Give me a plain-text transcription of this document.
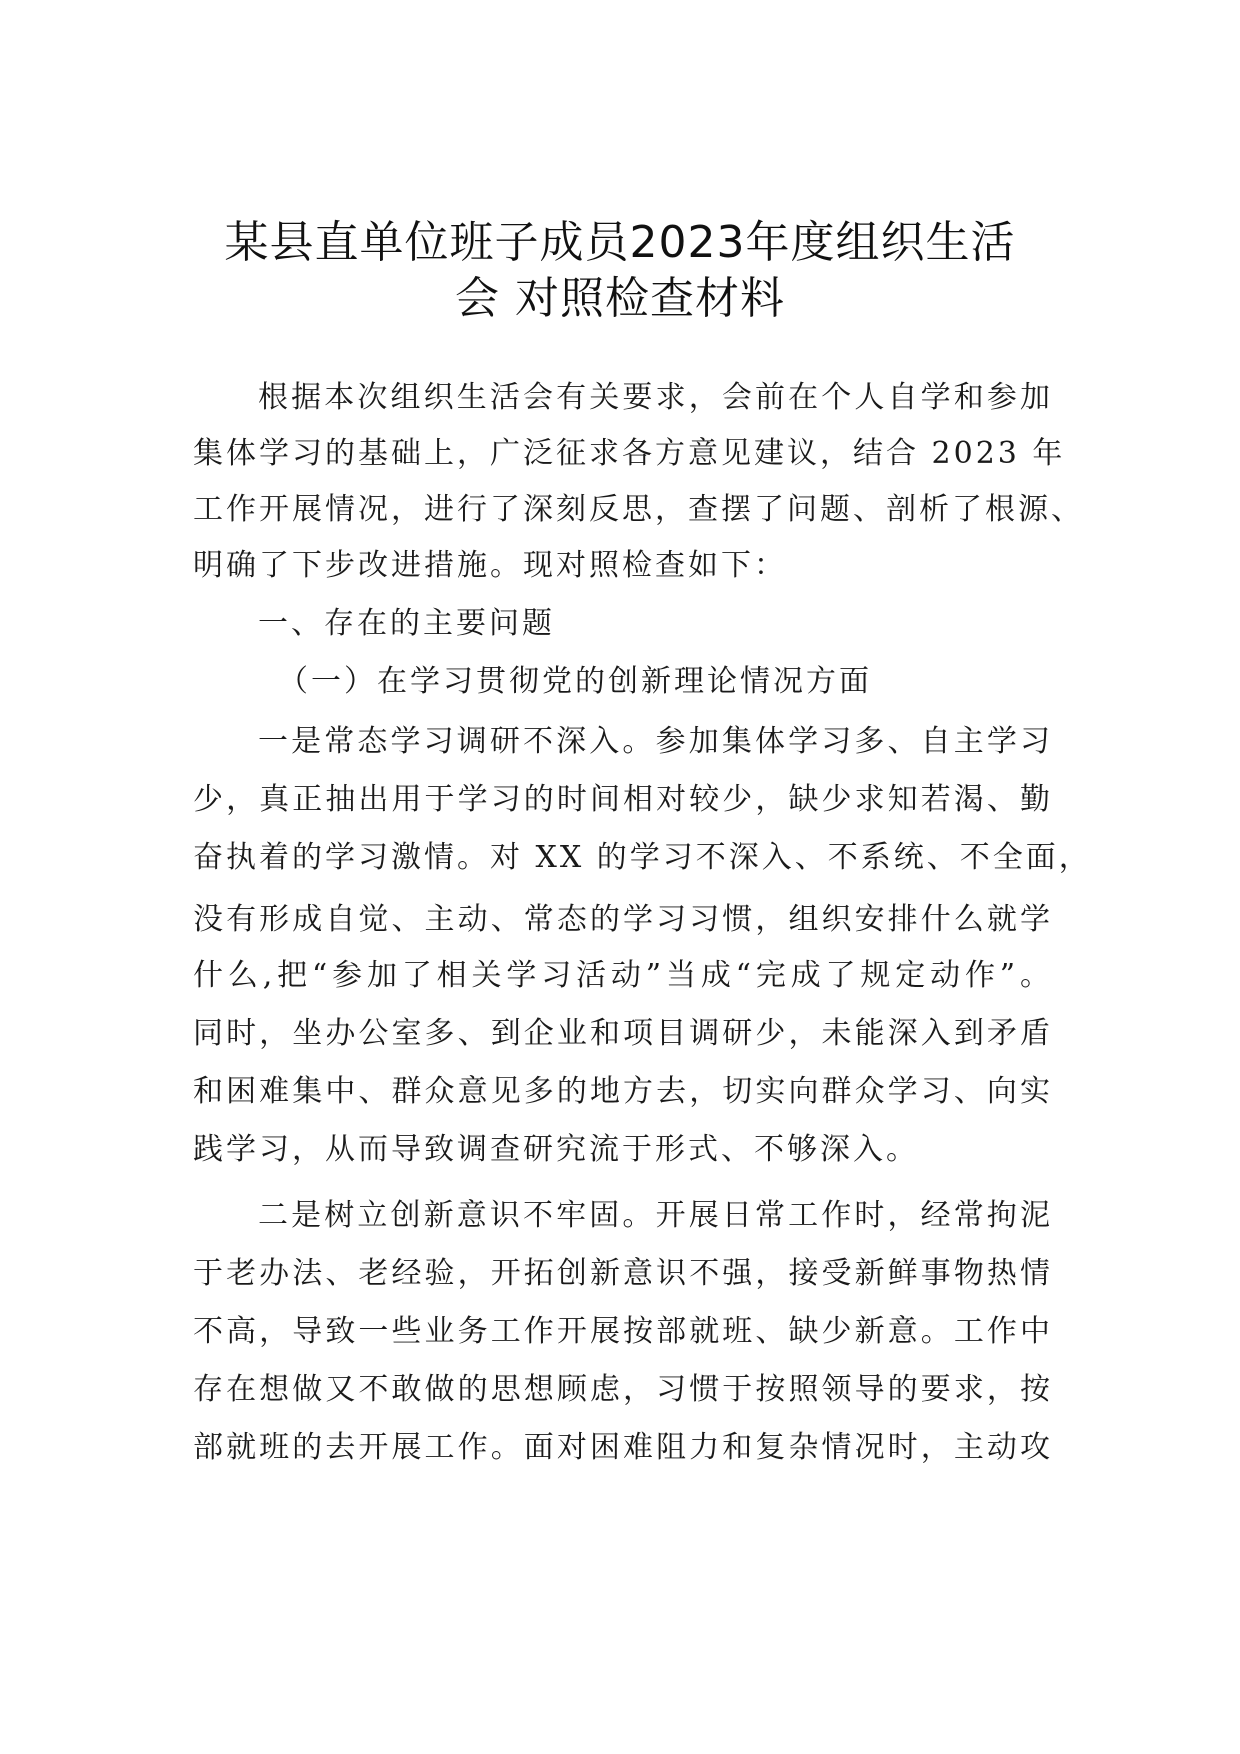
某县直单位班子成员2023年度组织生活
会 对照检查材料
根据本次组织生活会有关要求，会前在个人自学和参加
集体学习的基础上，广泛征求各方意见建议，结合 2023 年
工作开展情况，进行了深刻反思，查摆了问题、剖析了根源、
明确了下步改进措施。现对照检查如下：
一、存在的主要问题
（一）在学习贯彻党的创新理论情况方面
一是常态学习调研不深入。参加集体学习多、自主学习
少，真正抽出用于学习的时间相对较少，缺少求知若渴、勤
奋执着的学习激情。对 XX 的学习不深入、不系统、不全面，
没有形成自觉、主动、常态的学习习惯，组织安排什么就学
什么,把“参加了相关学习活动”当成“完成了规定动作”。
同时，坐办公室多、到企业和项目调研少，未能深入到矛盾
和困难集中、群众意见多的地方去，切实向群众学习、向实
践学习，从而导致调查研究流于形式、不够深入。
二是树立创新意识不牢固。开展日常工作时，经常拘泥
于老办法、老经验，开拓创新意识不强，接受新鲜事物热情
不高，导致一些业务工作开展按部就班、缺少新意。工作中
存在想做又不敢做的思想顾虑，习惯于按照领导的要求，按
部就班的去开展工作。面对困难阻力和复杂情况时，主动攻
